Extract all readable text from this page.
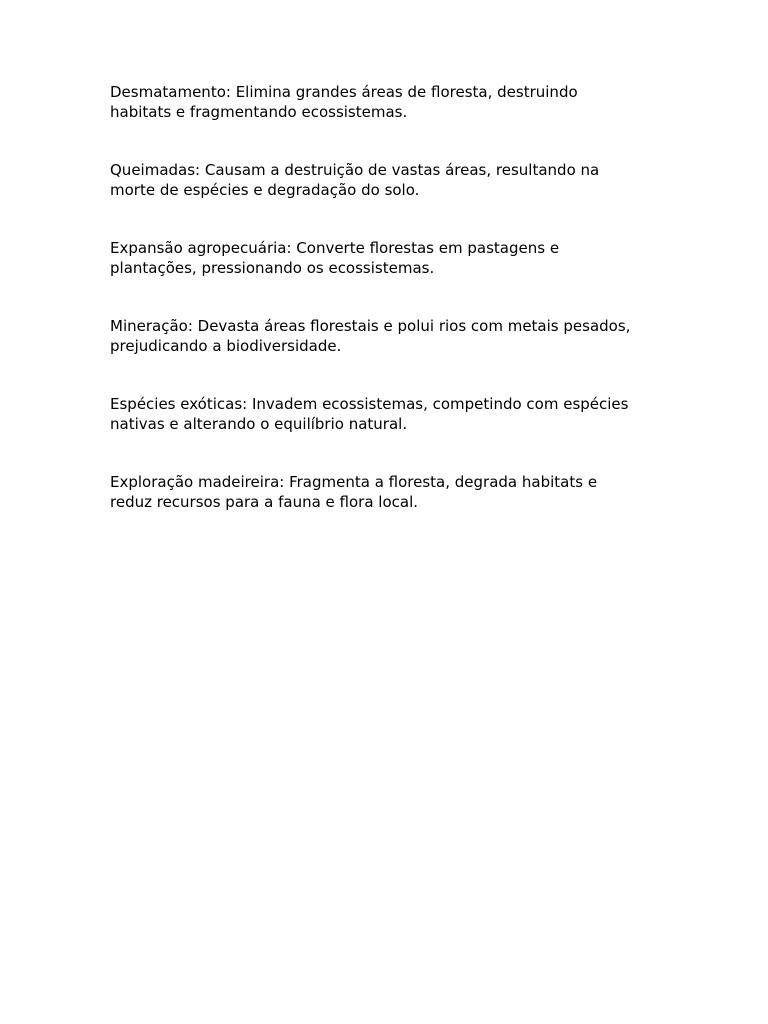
Desmatamento: Elimina grandes áreas de floresta, destruindo
habitats e fragmentando ecossistemas.

Queimadas: Causam a destruição de vastas áreas, resultando na
morte de espécies e degradação do solo.

Expansão agropecuária: Converte florestas em pastagens e
plantações, pressionando os ecossistemas.

Mineração: Devasta áreas florestais e polui rios com metais pesados,
prejudicando a biodiversidade.

Espécies exóticas: Invadem ecossistemas, competindo com espécies
nativas e alterando o equilíbrio natural.

Exploração madeireira: Fragmenta a floresta, degrada habitats e
reduz recursos para a fauna e flora local.
